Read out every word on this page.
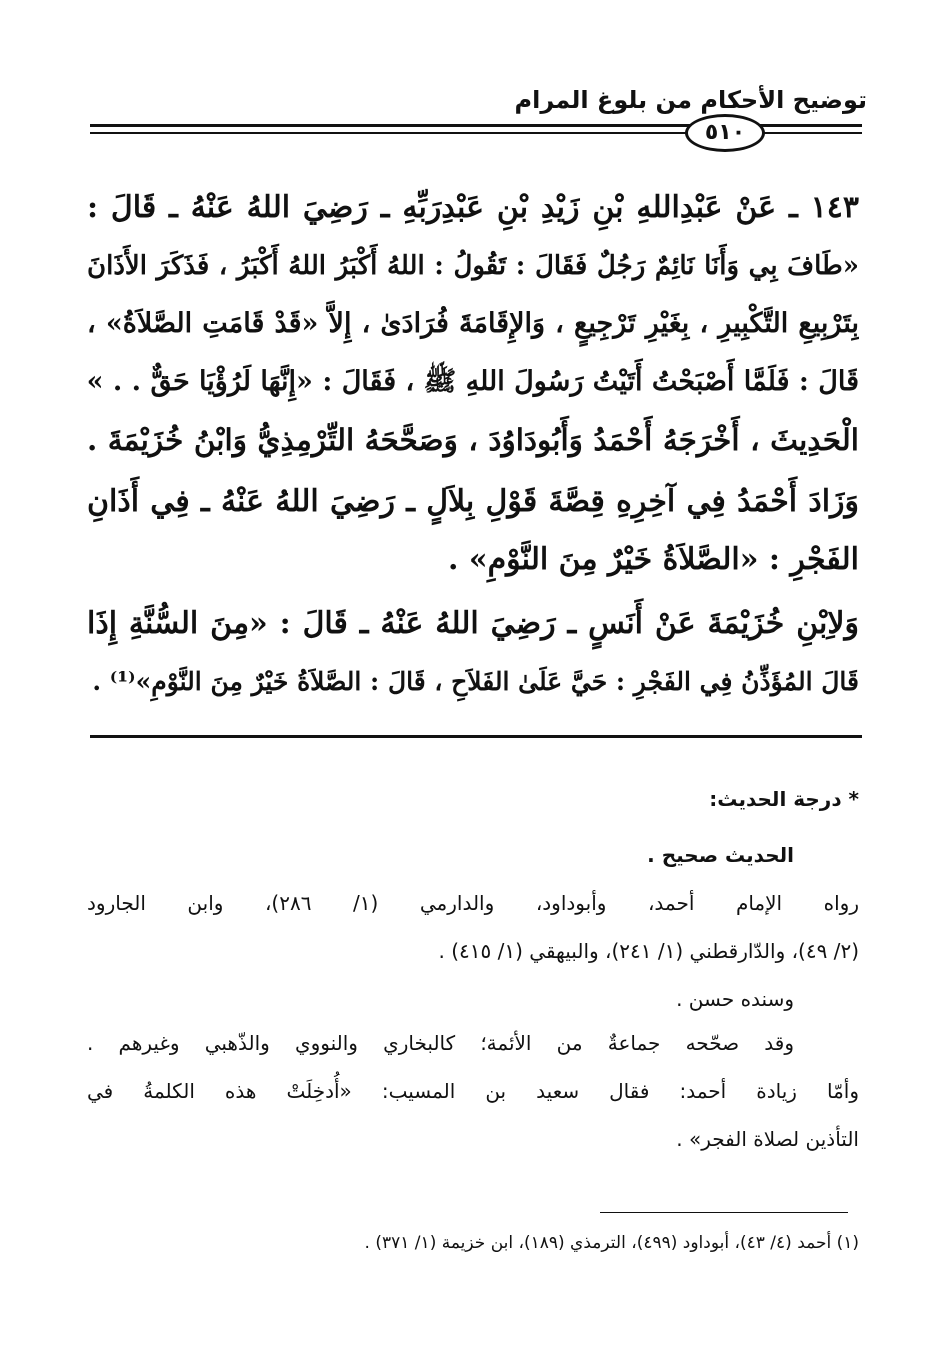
توضيح الأحكام من بلوغ المرام
٥١٠
١٤٣ ـ عَنْ عَبْدِاللهِ بْنِ زَيْدِ بْنِ عَبْدِرَبِّهِ ـ رَضِيَ اللهُ عَنْهُ ـ قَالَ :
«طَافَ بِي وَأَنَا نَائِمٌ رَجُلٌ فَقَالَ : تَقُولُ : اللهُ أَكْبَرُ اللهُ أَكْبَرُ ، فَذَكَرَ الأَذَانَ
بِتَرْبِيعِ التَّكْبِيرِ ، بِغَيْرِ تَرْجِيعٍ ، وَالإِقَامَةَ فُرَادَىٰ ، إِلاَّ «قَدْ قَامَتِ الصَّلاَةُ» ،
قَالَ : فَلَمَّا أَصْبَحْتُ أَتَيْتُ رَسُولَ اللهِ ﷺ ، فَقَالَ : «إِنَّهَا لَرُؤْيَا حَقٌّ . . »
الْحَدِيثَ ، أَخْرَجَهُ أَحْمَدُ وَأَبُودَاوُدَ ، وَصَحَّحَهُ التِّرْمِذِيُّ وَابْنُ خُزَيْمَةَ .
وَزَادَ أَحْمَدُ فِي آخِرِهِ قِصَّةَ قَوْلِ بِلاَلٍ ـ رَضِيَ اللهُ عَنْهُ ـ فِي أَذَانِ
الفَجْرِ : «الصَّلاَةُ خَيْرٌ مِنَ النَّوْمِ» .
وَلاِبْنِ خُزَيْمَةَ عَنْ أَنَسٍ ـ رَضِيَ اللهُ عَنْهُ ـ قَالَ : «مِنَ السُّنَّةِ إِذَا
قَالَ المُؤَذِّنُ فِي الفَجْرِ : حَيَّ عَلَىٰ الفَلاَحِ ، قَالَ : الصَّلاَةُ خَيْرٌ مِنَ النَّوْمِ»⁽¹⁾ .
* درجة الحديث:
الحديث صحيح .
رواه الإمام أحمد، وأبوداود، والدارمي (١/ ٢٨٦)، وابن الجارود
(٢/ ٤٩)، والدّارقطني (١/ ٢٤١)، والبيهقي (١/ ٤١٥) .
وسنده حسن .
وقد صحّحه جماعةٌ من الأئمة؛ كالبخاري والنووي والذّهبي وغيرهم .
وأمّا زيادة أحمد: فقال سعيد بن المسيب: «أُدخِلَتْ هذه الكلمةُ في
التأذين لصلاة الفجر» .
(١) أحمد (٤/ ٤٣)، أبوداود (٤٩٩)، الترمذي (١٨٩)، ابن خزيمة (١/ ٣٧١) .
